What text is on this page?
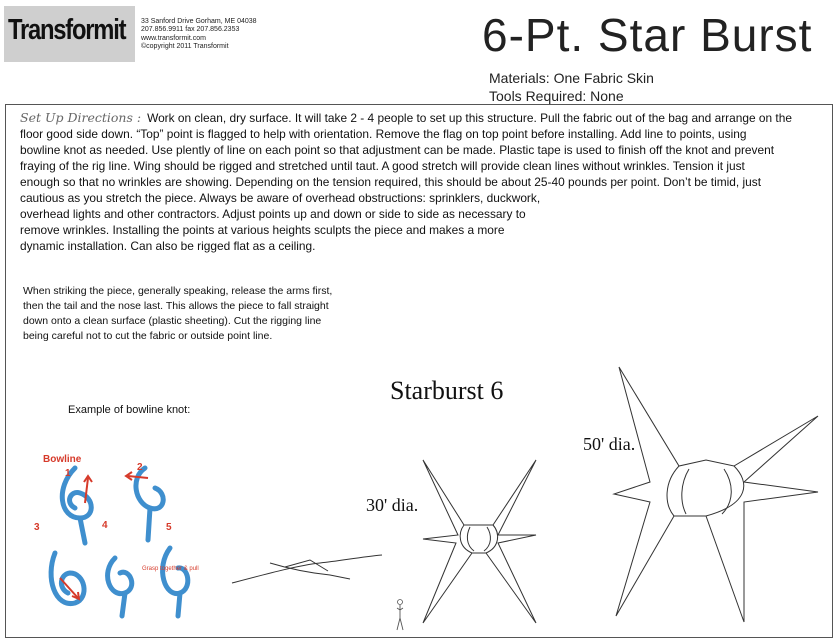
Transformit 33 Sanford Drive Gorham, ME 04038
207.856.9911 fax 207.856.2353
www.transformit.com
©copyright 2011 Transformit	6-Pt. Star Burst
Materials: One Fabric Skin
Tools Required: None
Set Up Directions : Work on clean, dry surface. It will take 2 - 4 people to set up this structure. Pull the fabric out of the bag and arrange on the
floor good side down. “Top” point is flagged to help with orientation. Remove the flag on top point before installing. Add line to points, using
bowline knot as needed. Use plently of line on each point so that adjustment can be made. Plastic tape is used to finish off the knot and prevent
fraying of the rig line. Wing should be rigged and stretched until taut. A good stretch will provide clean lines without wrinkles. Tension it just
enough so that no wrinkles are showing. Depending on the tension required, this should be about 25-40 pounds per point. Don’t be timid, just
cautious as you stretch the piece. Always be aware of overhead obstructions: sprinklers, duckwork,
overhead lights and other contractors. Adjust points up and down or side to side as necessary to
remove wrinkles. Installing the points at various heights sculpts the piece and makes a more
dynamic installation. Can also be rigged flat as a ceiling.
When striking the piece, generally speaking, release the arms first,
then the tail and the nose last. This allows the piece to fall straight
down onto a clean surface (plastic sheeting). Cut the rigging line
being careful not to cut the fabric or outside point line.
Example of bowline knot:
Bowline
1
2
3	4	5
Grasp together & pull
Starburst 6
30' dia.
50' dia.
